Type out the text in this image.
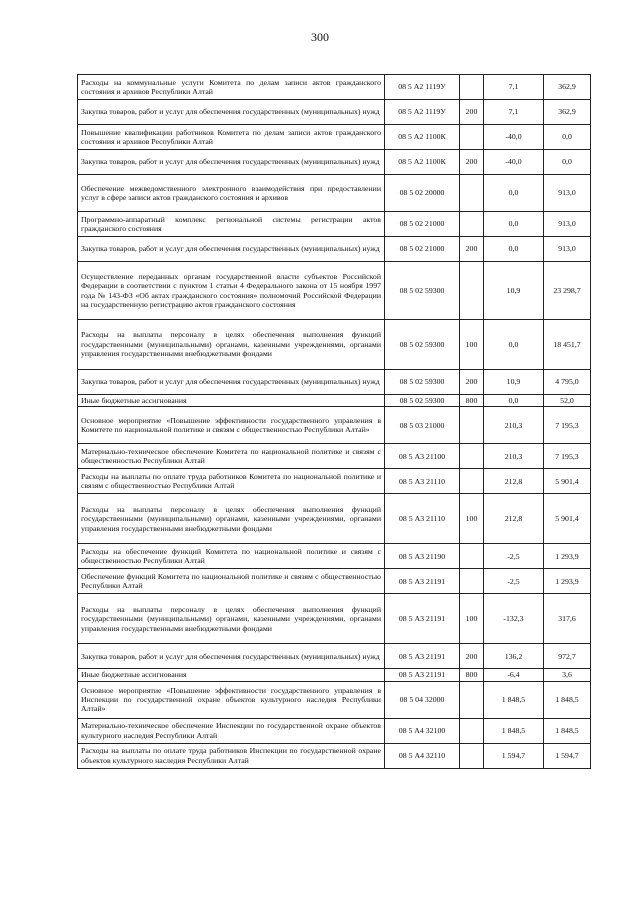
300
Расходы на коммунальные услуги Комитета по делам записи актов гражданского состояния и архивов Республики Алтай	08 5 А2 1119У		7,1	362,9
Закупка товаров, работ и услуг для обеспечения государственных (муниципальных) нужд	08 5 А2 1119У	200	7,1	362,9
Повышение квалификации работников Комитета по делам записи актов гражданского состояния и архивов Республики Алтай	08 5 А2 1100К		-40,0	0,0
Закупка товаров, работ и услуг для обеспечения государственных (муниципальных) нужд	08 5 А2 1100К	200	-40,0	0,0
Обеспечение межведомственного электронного взаимодействия при предоставлении услуг в сфере записи актов гражданского состояния и архивов	08 5 02 20000		0,0	913,0
Программно-аппаратный комплекс региональной системы регистрации актов гражданского состояния	08 5 02 21000		0,0	913,0
Закупка товаров, работ и услуг для обеспечения государственных (муниципальных) нужд	08 5 02 21000	200	0,0	913,0
Осуществление переданных органам государственной власти субъектов Российской Федерации в соответствии с пунктом 1 статьи 4 Федерального закона от 15 ноября 1997 года № 143-ФЗ «Об актах гражданского состояния» полномочий Российской Федерации на государственную регистрацию актов гражданского состояния	08 5 02 59300		10,9	23 298,7
Расходы на выплаты персоналу в целях обеспечения выполнения функций государственными (муниципальными) органами, казенными учреждениями, органами управления государственными внебюджетными фондами	08 5 02 59300	100	0,0	18 451,7
Закупка товаров, работ и услуг для обеспечения государственных (муниципальных) нужд	08 5 02 59300	200	10,9	4 795,0
Иные бюджетные ассигнования	08 5 02 59300	800	0,0	52,0
Основное мероприятие «Повышение эффективности государственного управления в Комитете по национальной политике и связям с общественностью Республики Алтай»	08 5 03 21000		210,3	7 195,3
Материально-техническое обеспечение Комитета по национальной политике и связям с общественностью Республики Алтай	08 5 А3 21100		210,3	7 195,3
Расходы на выплаты по оплате труда работников Комитета по национальной политике и связям с общественностью Республики Алтай	08 5 А3 21110		212,8	5 901,4
Расходы на выплаты персоналу в целях обеспечения выполнения функций государственными (муниципальными) органами, казенными учреждениями, органами управления государственными внебюджетными фондами	08 5 А3 21110	100	212,8	5 901,4
Расходы на обеспечение функций Комитета по национальной политике и связям с общественностью Республики Алтай	08 5 А3 21190		-2,5	1 293,9
Обеспечение функций Комитета по национальной политике и связям с общественностью Республики Алтай	08 5 А3 21191		-2,5	1 293,9
Расходы на выплаты персоналу в целях обеспечения выполнения функций государственными (муниципальными) органами, казенными учреждениями, органами управления государственными внебюджетными фондами	08 5 А3 21191	100	-132,3	317,6
Закупка товаров, работ и услуг для обеспечения государственных (муниципальных) нужд	08 5 А3 21191	200	136,2	972,7
Иные бюджетные ассигнования	08 5 А3 21191	800	-6,4	3,6
Основное мероприятие «Повышение эффективности государственного управления в Инспекции по государственной охране объектов культурного наследия Республики Алтай»	08 5 04 32000		1 848,5	1 848,5
Материально-техническое обеспечение Инспекции по государственной охране объектов культурного наследия Республики Алтай	08 5 А4 32100		1 848,5	1 848,5
Расходы на выплаты по оплате труда работников Инспекции по государственной охране объектов культурного наследия Республики Алтай	08 5 А4 32110		1 594,7	1 594,7
